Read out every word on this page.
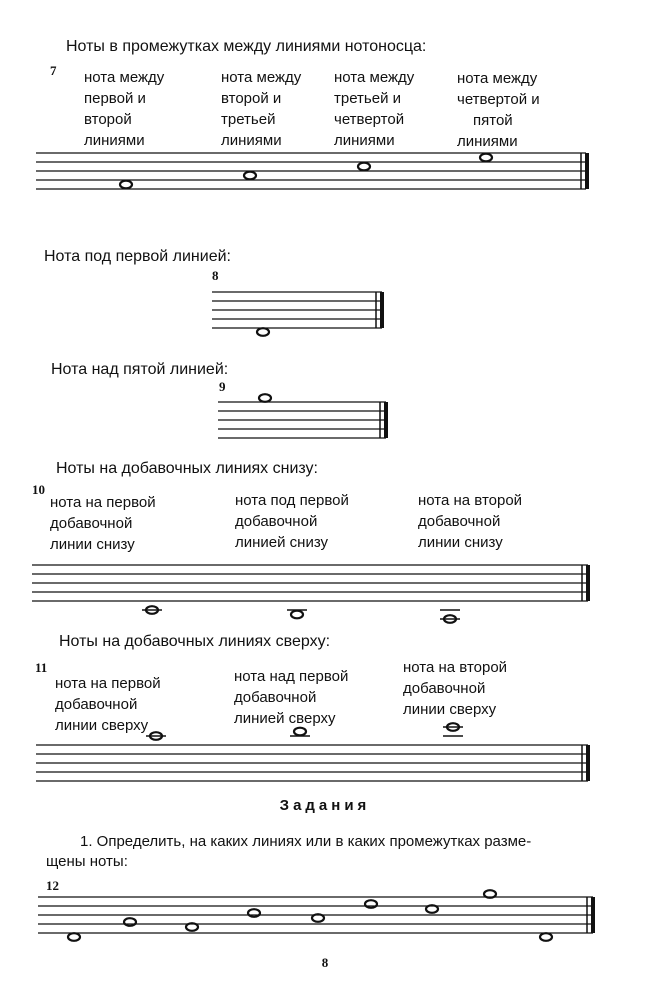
Ноты в промежутках между линиями нотоносца:
7 нота между
первой и
второй
линиями
нота между
второй и
третьей
линиями
нота между
третьей и
четвертой
линиями
нота между
четвертой и
пятой
линиями
Нота под первой линией:
8
Нота над пятой линией:
9
Ноты на добавочных линиях снизу:
10
нота на первой
добавочной
линии снизу
нота под первой
добавочной
линией снизу
нота на второй
добавочной
линии снизу
Ноты на добавочных линиях сверху:
11
нота на первой
добавочной
линии сверху
нота над первой
добавочной
линией сверху
нота на второй
добавочной
линии сверху
Задания
1. Определить, на каких линиях или в каких промежутках разме-
щены ноты:
12
8
